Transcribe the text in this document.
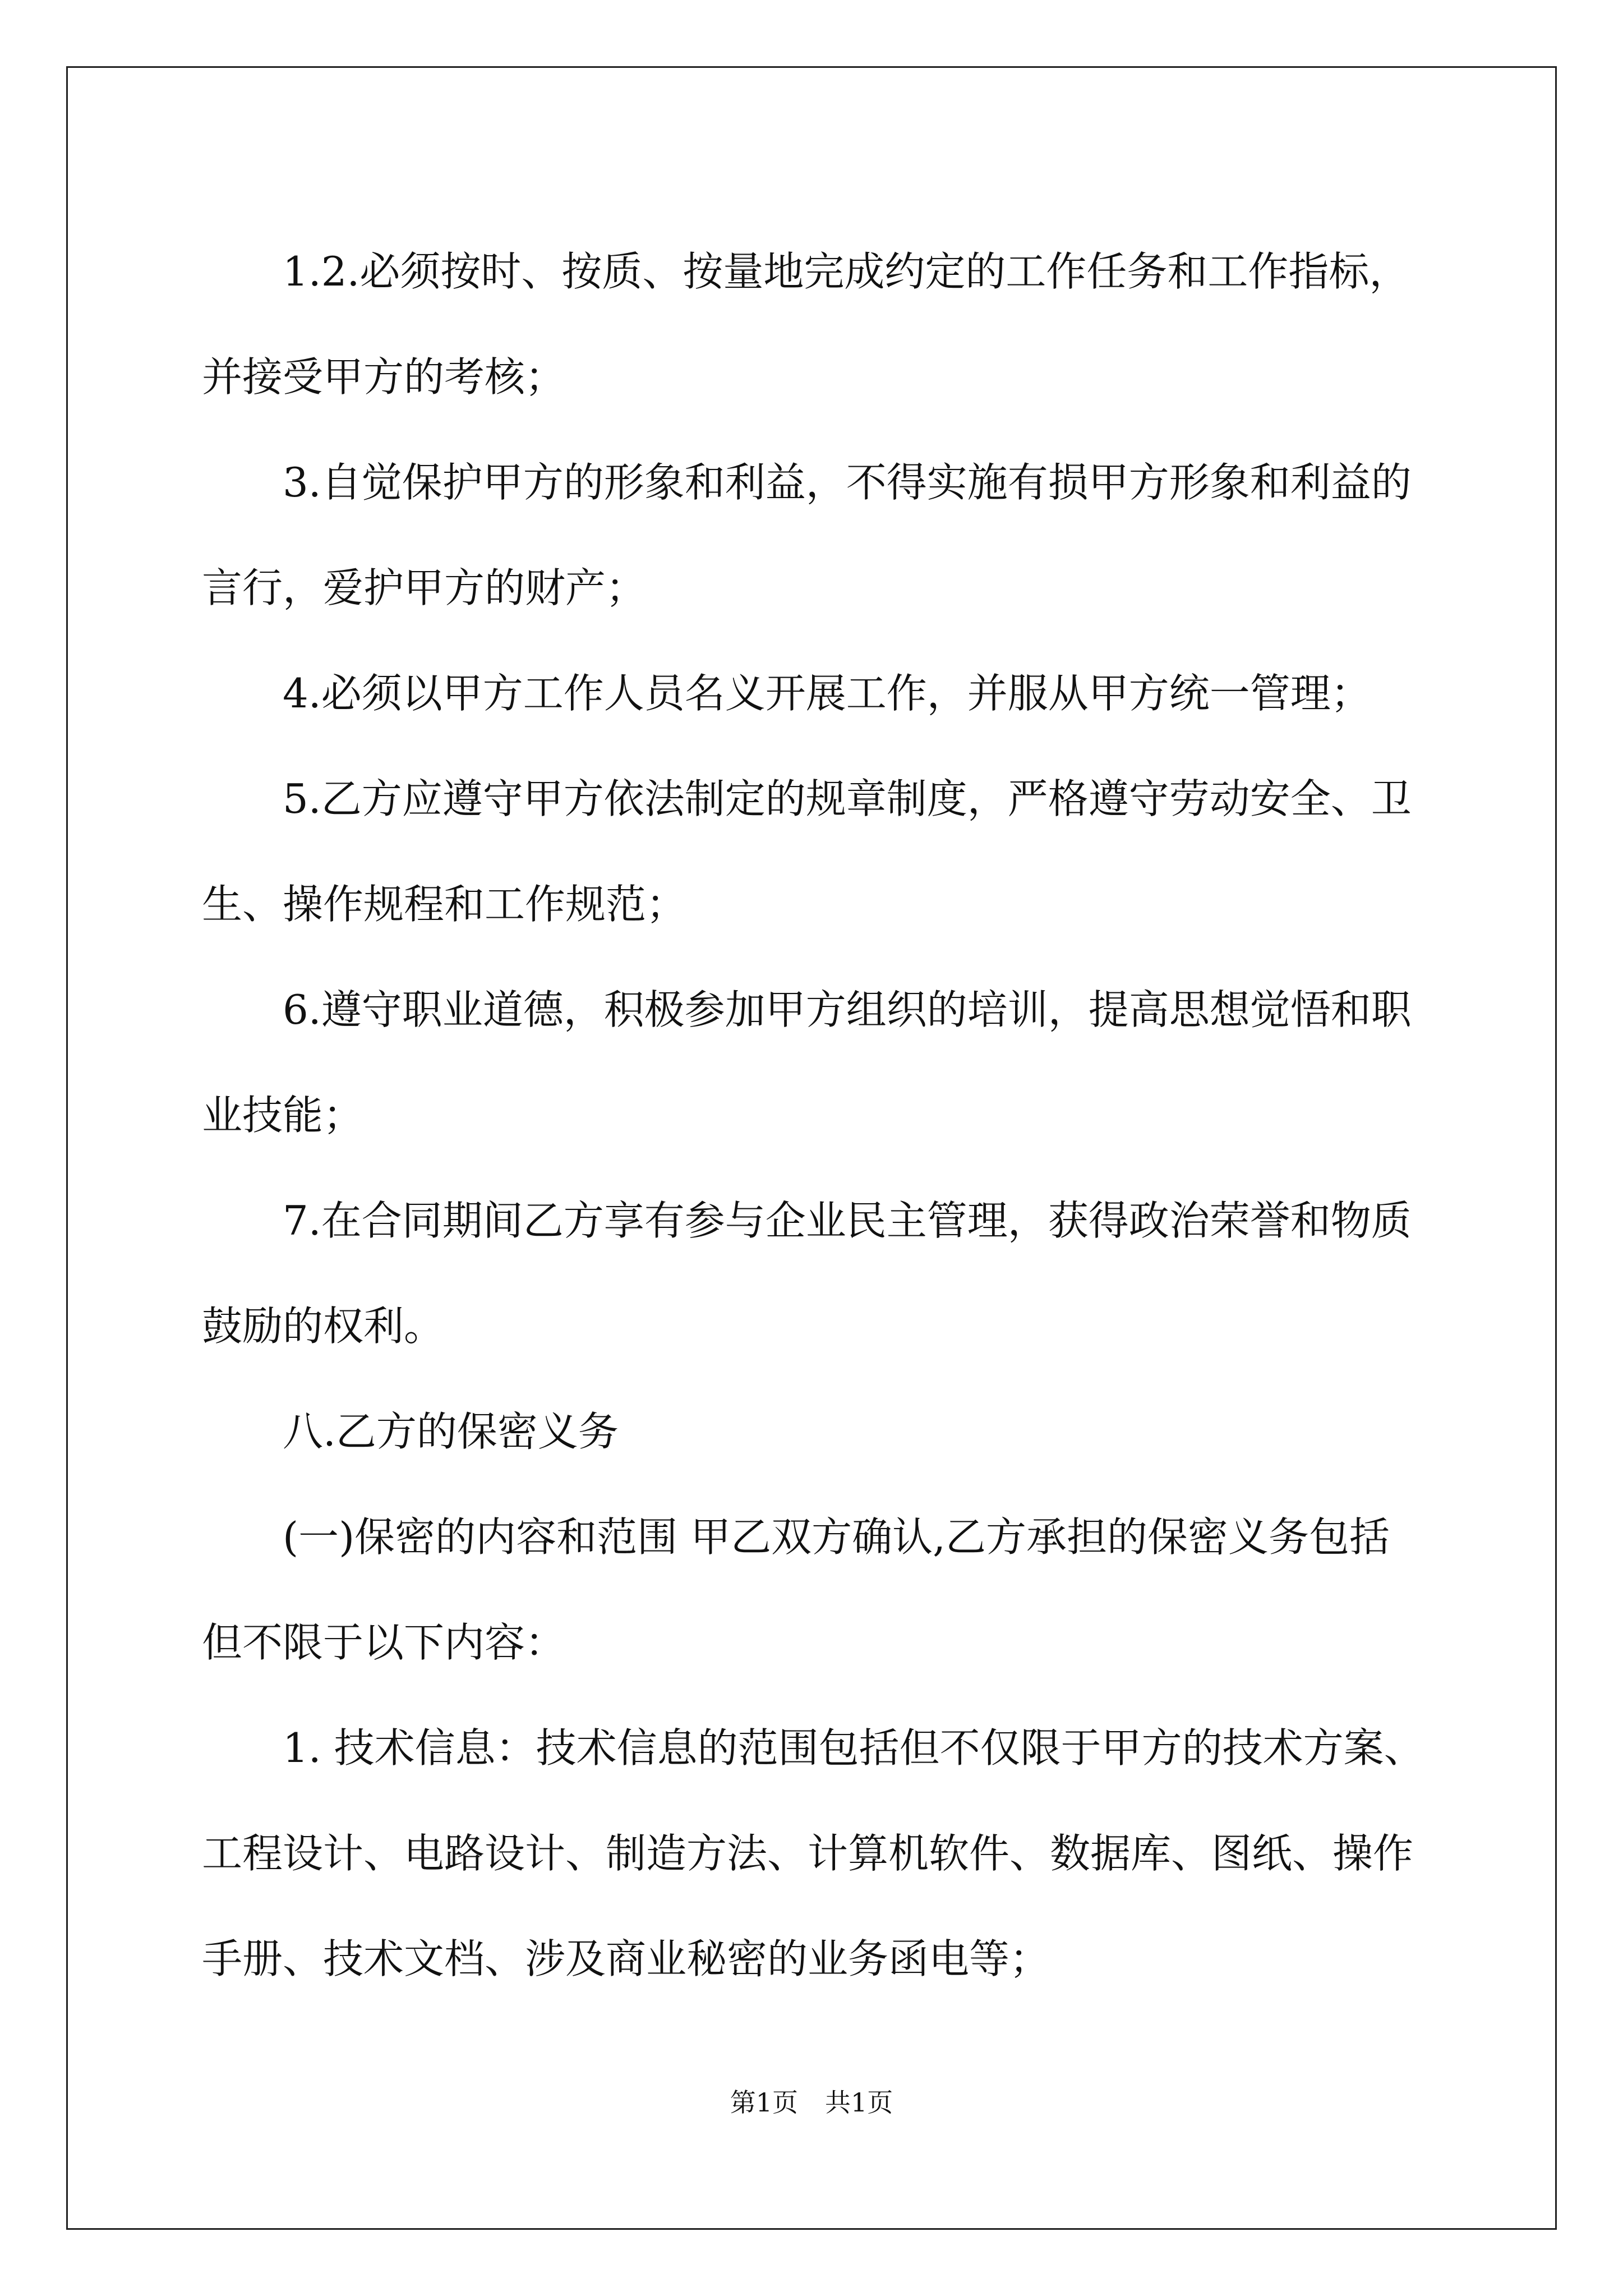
1.2.必须按时、按质、按量地完成约定的工作任务和工作指标，

并接受甲方的考核；

3.自觉保护甲方的形象和利益，不得实施有损甲方形象和利益的

言行，爱护甲方的财产；

4.必须以甲方工作人员名义开展工作，并服从甲方统一管理；

5.乙方应遵守甲方依法制定的规章制度，严格遵守劳动安全、卫

生、操作规程和工作规范；

6.遵守职业道德，积极参加甲方组织的培训，提高思想觉悟和职

业技能；

7.在合同期间乙方享有参与企业民主管理，获得政治荣誉和物质

鼓励的权利。

八.乙方的保密义务

(一)保密的内容和范围 甲乙双方确认,乙方承担的保密义务包括

但不限于以下内容：

1. 技术信息：技术信息的范围包括但不仅限于甲方的技术方案、

工程设计、电路设计、制造方法、计算机软件、数据库、图纸、操作

手册、技术文档、涉及商业秘密的业务函电等；

第1页 共1页
